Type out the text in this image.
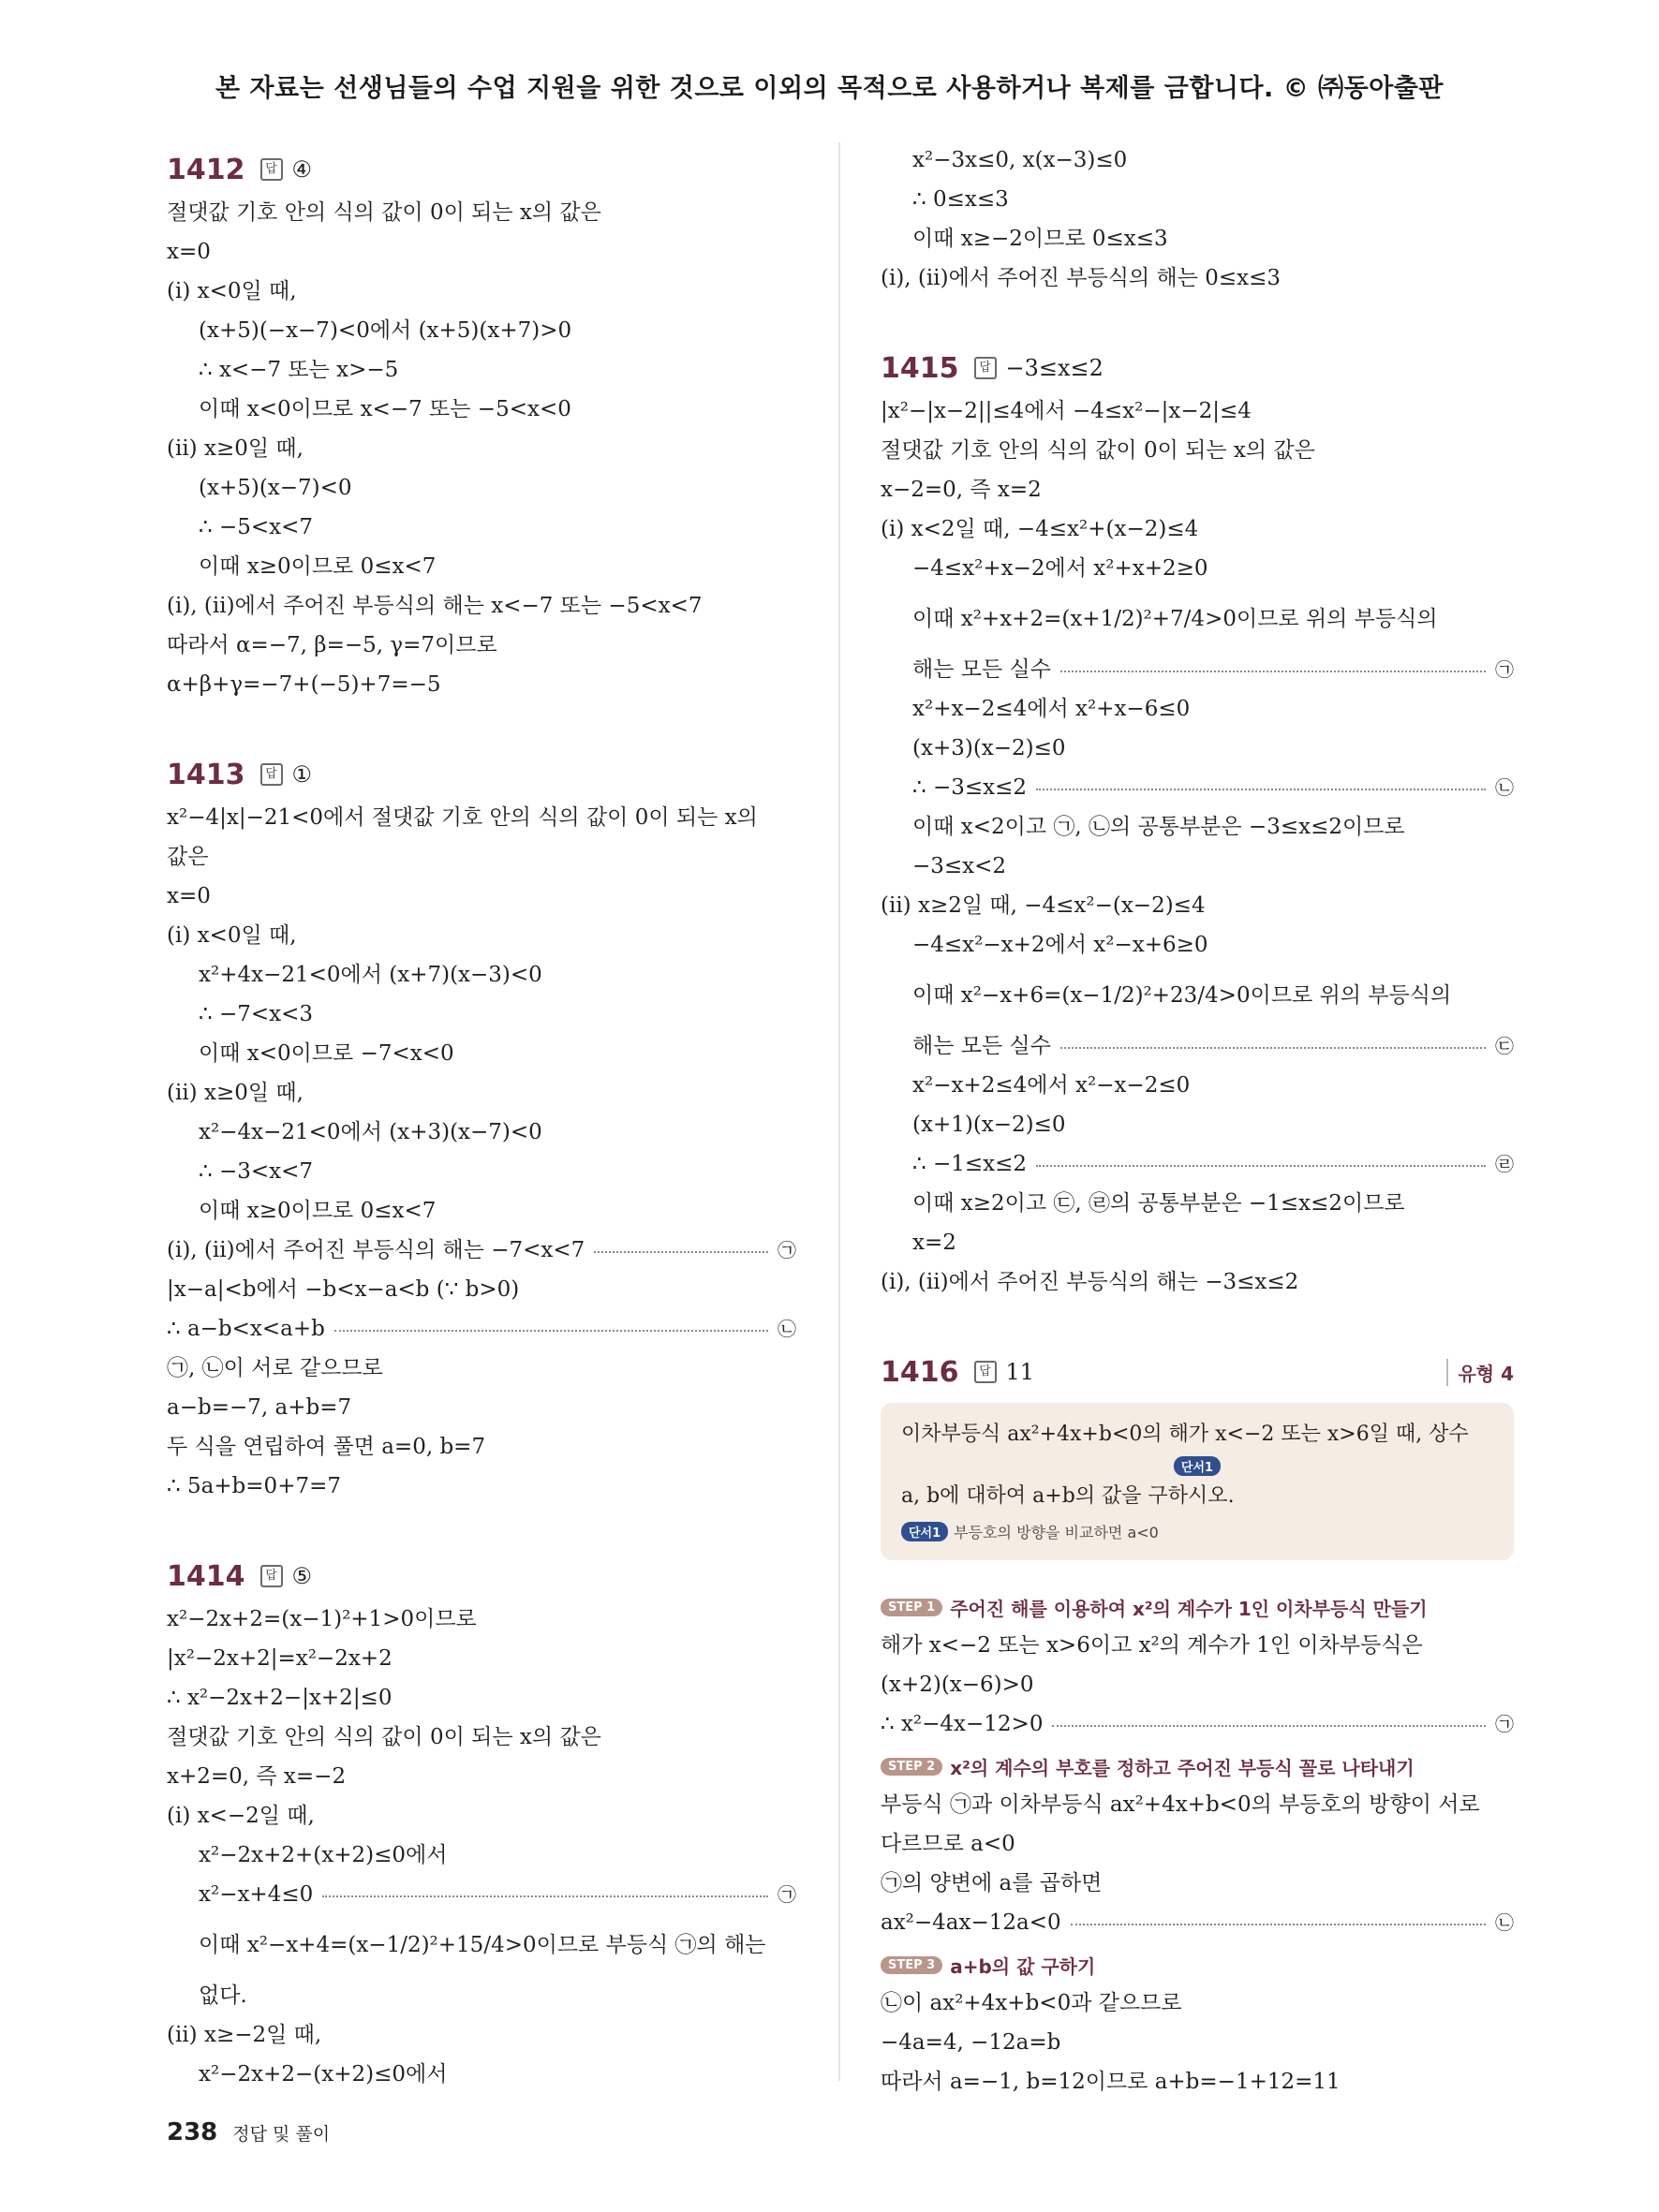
본 자료는 선생님들의 수업 지원을 위한 것으로 이외의 목적으로 사용하거나 복제를 금합니다. © ㈜동아출판
1412	답 ④
절댓값 기호 안의 식의 값이 0이 되는 x의 값은
x=0
(ⅰ) x<0일 때,
(x+5)(−x−7)<0에서 (x+5)(x+7)>0
∴ x<−7 또는 x>−5
이때 x<0이므로 x<−7 또는 −5<x<0
(ⅱ) x≥0일 때,
(x+5)(x−7)<0
∴ −5<x<7
이때 x≥0이므로 0≤x<7
(ⅰ), (ⅱ)에서 주어진 부등식의 해는 x<−7 또는 −5<x<7
따라서 α=−7, β=−5, γ=7이므로
α+β+γ=−7+(−5)+7=−5
1413	답 ①
x²−4|x|−21<0에서 절댓값 기호 안의 식의 값이 0이 되는 x의
값은
x=0
(ⅰ) x<0일 때,
x²+4x−21<0에서 (x+7)(x−3)<0
∴ −7<x<3
이때 x<0이므로 −7<x<0
(ⅱ) x≥0일 때,
x²−4x−21<0에서 (x+3)(x−7)<0
∴ −3<x<7
이때 x≥0이므로 0≤x<7
(ⅰ), (ⅱ)에서 주어진 부등식의 해는 −7<x<7	㉠
|x−a|<b에서 −b<x−a<b (∵ b>0)
∴ a−b<x<a+b	㉡
㉠, ㉡이 서로 같으므로
a−b=−7, a+b=7
두 식을 연립하여 풀면 a=0, b=7
∴ 5a+b=0+7=7
1414	답 ⑤
x²−2x+2=(x−1)²+1>0이므로
|x²−2x+2|=x²−2x+2
∴ x²−2x+2−|x+2|≤0
절댓값 기호 안의 식의 값이 0이 되는 x의 값은
x+2=0, 즉 x=−2
(ⅰ) x<−2일 때,
x²−2x+2+(x+2)≤0에서
x²−x+4≤0	㉠
이때 x²−x+4=(x−1/2)²+15/4>0이므로 부등식 ㉠의 해는
없다.
(ⅱ) x≥−2일 때,
x²−2x+2−(x+2)≤0에서
x²−3x≤0, x(x−3)≤0
∴ 0≤x≤3
이때 x≥−2이므로 0≤x≤3
(ⅰ), (ⅱ)에서 주어진 부등식의 해는 0≤x≤3
1415	답 −3≤x≤2
|x²−|x−2||≤4에서 −4≤x²−|x−2|≤4
절댓값 기호 안의 식의 값이 0이 되는 x의 값은
x−2=0, 즉 x=2
(ⅰ) x<2일 때, −4≤x²+(x−2)≤4
−4≤x²+x−2에서 x²+x+2≥0
이때 x²+x+2=(x+1/2)²+7/4>0이므로 위의 부등식의
해는 모든 실수	㉠
x²+x−2≤4에서 x²+x−6≤0
(x+3)(x−2)≤0
∴ −3≤x≤2	㉡
이때 x<2이고 ㉠, ㉡의 공통부분은 −3≤x≤2이므로
−3≤x<2
(ⅱ) x≥2일 때, −4≤x²−(x−2)≤4
−4≤x²−x+2에서 x²−x+6≥0
이때 x²−x+6=(x−1/2)²+23/4>0이므로 위의 부등식의
해는 모든 실수	㉢
x²−x+2≤4에서 x²−x−2≤0
(x+1)(x−2)≤0
∴ −1≤x≤2	㉣
이때 x≥2이고 ㉢, ㉣의 공통부분은 −1≤x≤2이므로
x=2
(ⅰ), (ⅱ)에서 주어진 부등식의 해는 −3≤x≤2
1416	답 11	유형 4
이차부등식 ax²+4x+b<0의 해가 x<−2 또는 x>6일 때, 상수
단서1
a, b에 대하여 a+b의 값을 구하시오.
단서1 부등호의 방향을 비교하면 a<0
STEP 1 주어진 해를 이용하여 x²의 계수가 1인 이차부등식 만들기
해가 x<−2 또는 x>6이고 x²의 계수가 1인 이차부등식은
(x+2)(x−6)>0
∴ x²−4x−12>0	㉠
STEP 2 x²의 계수의 부호를 정하고 주어진 부등식 꼴로 나타내기
부등식 ㉠과 이차부등식 ax²+4x+b<0의 부등호의 방향이 서로
다르므로 a<0
㉠의 양변에 a를 곱하면
ax²−4ax−12a<0	㉡
STEP 3 a+b의 값 구하기
㉡이 ax²+4x+b<0과 같으므로
−4a=4, −12a=b
따라서 a=−1, b=12이므로 a+b=−1+12=11
238 정답 및 풀이
